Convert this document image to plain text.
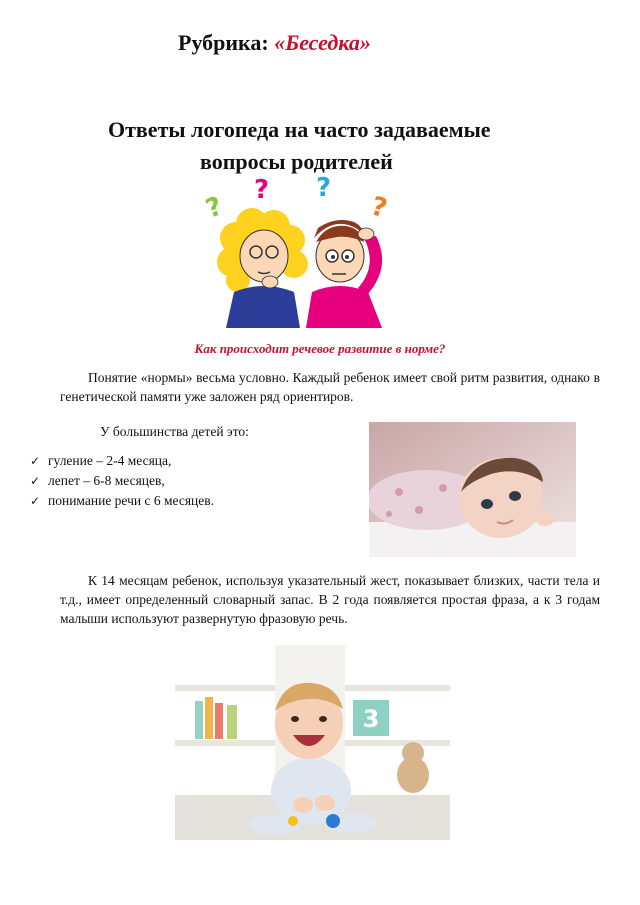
Рубрика: «Беседка»
Ответы логопеда на часто задаваемые
вопросы родителей
?
? ?
?
Как происходит речевое развитие в норме?
Понятие «нормы» весьма условно. Каждый ребенок имеет свой ритм развития, однако в генетической памяти уже заложен ряд ориентиров.
У большинства детей это:
✓ гуление – 2-4 месяца,
✓ лепет – 6-8 месяцев,
✓ понимание речи с 6 месяцев.
К 14 месяцам ребенок, используя указательный жест, показывает близких, части тела и т.д., имеет определенный словарный запас. В 2 года появляется простая фраза, а к 3 годам малыши используют развернутую фразовую речь.
3
